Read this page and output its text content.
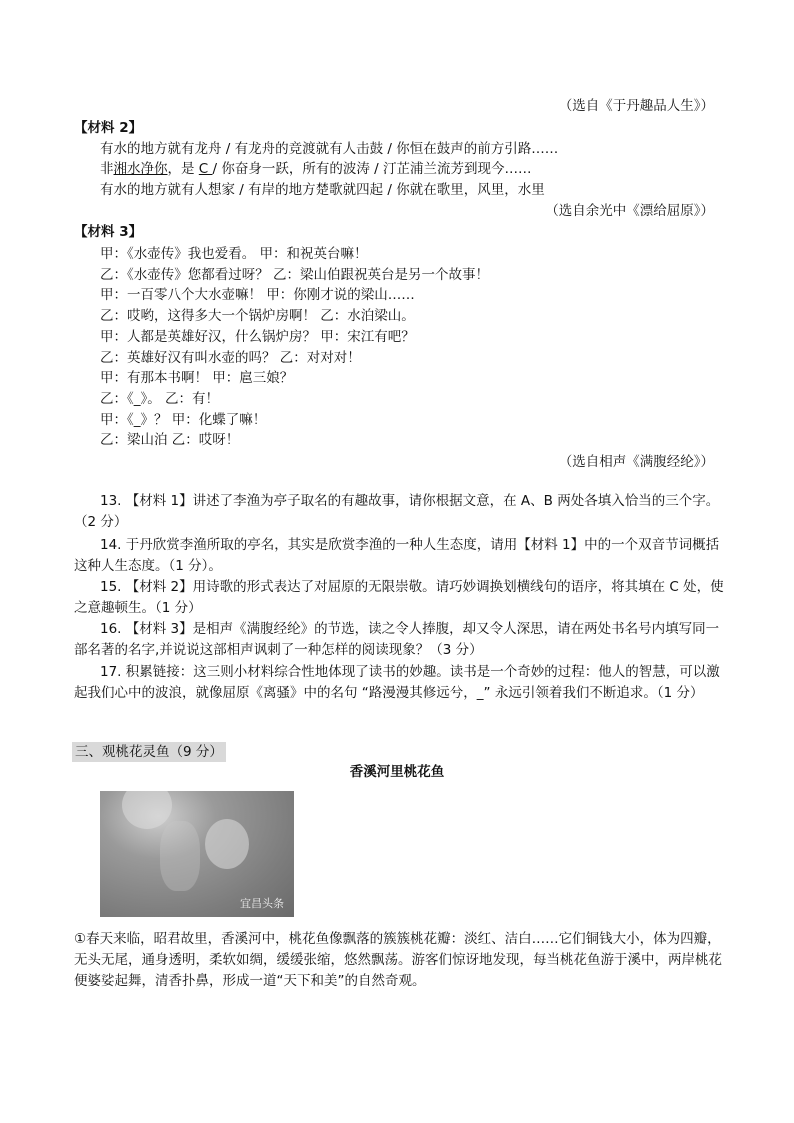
（选自《于丹趣品人生》）
【材料 2】
有水的地方就有龙舟 / 有龙舟的竞渡就有人击鼓 / 你恒在鼓声的前方引路……
非湘水净你，是 C / 你奋身一跃，所有的波涛 / 汀芷浦兰流芳到现今……
有水的地方就有人想家 / 有岸的地方楚歌就四起 / 你就在歌里，风里，水里
（选自余光中《漂给屈原》）
【材料 3】
甲：《水壶传》我也爱看。 甲：和祝英台嘛！
乙：《水壶传》您都看过呀？ 乙：梁山伯跟祝英台是另一个故事！
甲：一百零八个大水壶嘛！ 甲：你刚才说的梁山……
乙：哎哟，这得多大一个锅炉房啊！ 乙：水泊梁山。
甲：人都是英雄好汉，什么锅炉房？ 甲：宋江有吧？
乙：英雄好汉有叫水壶的吗？ 乙：对对对！
甲：有那本书啊！ 甲：扈三娘？
乙：《_》。 乙：有！
甲：《_》？ 甲：化蝶了嘛！
乙：梁山泊 乙：哎呀！
（选自相声《满腹经纶》）
13. 【材料 1】讲述了李渔为亭子取名的有趣故事，请你根据文意，在 A、B 两处各填入恰当的三个字。（2 分）
14. 于丹欣赏李渔所取的亭名，其实是欣赏李渔的一种人生态度，请用【材料 1】中的一个双音节词概括这种人生态度。（1 分）。
15. 【材料 2】用诗歌的形式表达了对屈原的无限崇敬。请巧妙调换划横线句的语序，将其填在 C 处，使之意趣顿生。（1 分）
16. 【材料 3】是相声《满腹经纶》的节选，读之令人捧腹，却又令人深思，请在两处书名号内填写同一部名著的名字,并说说这部相声讽刺了一种怎样的阅读现象？（3 分）
17. 积累链接：这三则小材料综合性地体现了读书的妙趣。读书是一个奇妙的过程：他人的智慧，可以激起我们心中的波浪，就像屈原《离骚》中的名句 “路漫漫其修远兮，_” 永远引领着我们不断追求。（1 分）
三、观桃花灵鱼（9 分）
香溪河里桃花鱼
宜昌头条
①春天来临，昭君故里，香溪河中，桃花鱼像飘落的簇簇桃花瓣：淡红、洁白……它们铜钱大小，体为四瓣，无头无尾，通身透明，柔软如绸，缓缓张缩，悠然飘荡。游客们惊讶地发现，每当桃花鱼游于溪中，两岸桃花便婆娑起舞，清香扑鼻，形成一道“天下和美”的自然奇观。
